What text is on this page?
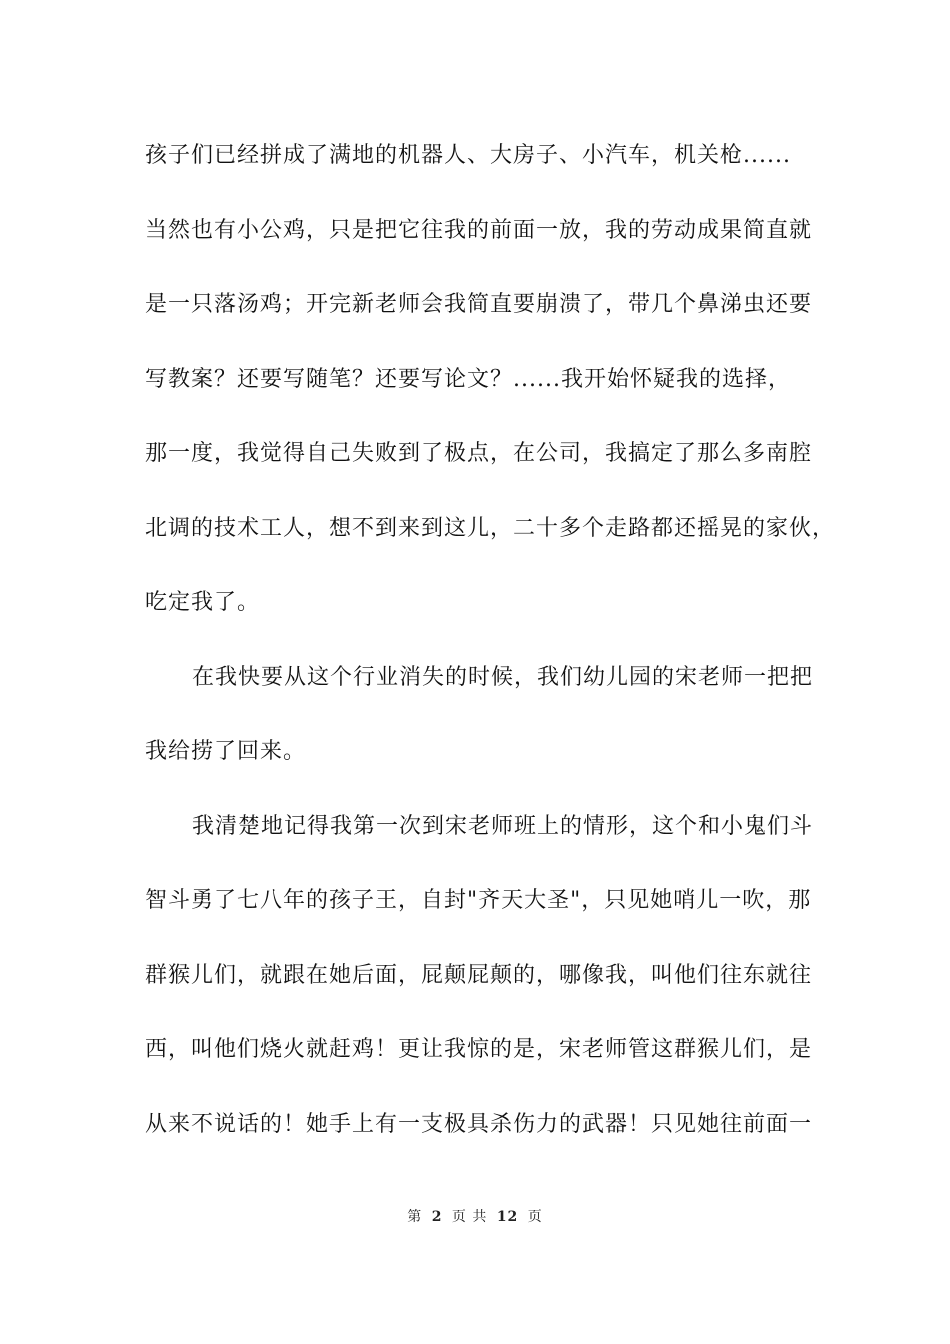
孩子们已经拼成了满地的机器人、大房子、小汽车，机关枪......
当然也有小公鸡，只是把它往我的前面一放，我的劳动成果简直就
是一只落汤鸡；开完新老师会我简直要崩溃了，带几个鼻涕虫还要
写教案？还要写随笔？还要写论文？......我开始怀疑我的选择，
那一度，我觉得自己失败到了极点，在公司，我搞定了那么多南腔
北调的技术工人，想不到来到这儿，二十多个走路都还摇晃的家伙，
吃定我了。
在我快要从这个行业消失的时候，我们幼儿园的宋老师一把把
我给捞了回来。
我清楚地记得我第一次到宋老师班上的情形，这个和小鬼们斗
智斗勇了七八年的孩子王，自封"齐天大圣"，只见她哨儿一吹，那
群猴儿们，就跟在她后面，屁颠屁颠的，哪像我，叫他们往东就往
西，叫他们烧火就赶鸡！更让我惊的是，宋老师管这群猴儿们，是
从来不说话的！她手上有一支极具杀伤力的武器！只见她往前面一
第 2 页 共 12 页
